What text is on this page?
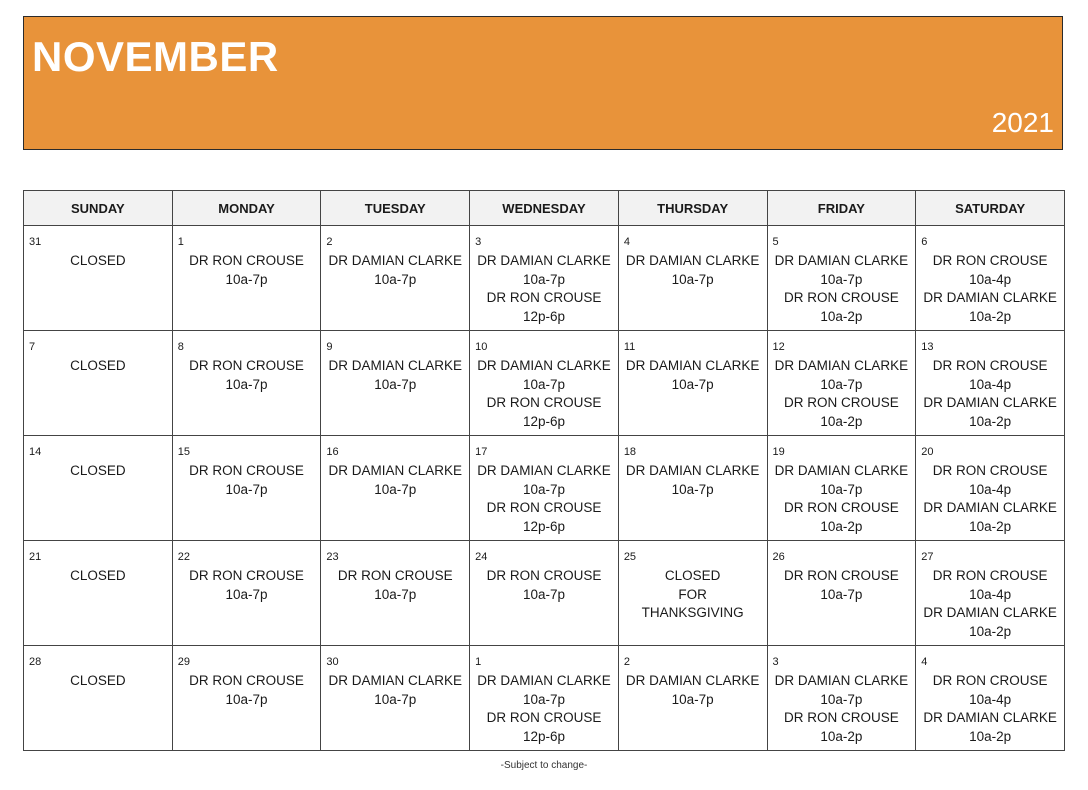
NOVEMBER
2021
SUNDAY	MONDAY	TUESDAY	WEDNESDAY	THURSDAY	FRIDAY	SATURDAY

31
CLOSED	1
DR RON CROUSE
10a-7p	2
DR DAMIAN CLARKE
10a-7p	3
DR DAMIAN CLARKE
10a-7p
DR RON CROUSE
12p-6p	4
DR DAMIAN CLARKE
10a-7p	5
DR DAMIAN CLARKE
10a-7p
DR RON CROUSE
10a-2p	6
DR RON CROUSE
10a-4p
DR DAMIAN CLARKE
10a-2p

7
CLOSED	8
DR RON CROUSE
10a-7p	9
DR DAMIAN CLARKE
10a-7p	10
DR DAMIAN CLARKE
10a-7p
DR RON CROUSE
12p-6p	11
DR DAMIAN CLARKE
10a-7p	12
DR DAMIAN CLARKE
10a-7p
DR RON CROUSE
10a-2p	13
DR RON CROUSE
10a-4p
DR DAMIAN CLARKE
10a-2p

14
CLOSED	15
DR RON CROUSE
10a-7p	16
DR DAMIAN CLARKE
10a-7p	17
DR DAMIAN CLARKE
10a-7p
DR RON CROUSE
12p-6p	18
DR DAMIAN CLARKE
10a-7p	19
DR DAMIAN CLARKE
10a-7p
DR RON CROUSE
10a-2p	20
DR RON CROUSE
10a-4p
DR DAMIAN CLARKE
10a-2p

21
CLOSED	22
DR RON CROUSE
10a-7p	23
DR RON CROUSE
10a-7p	24
DR RON CROUSE
10a-7p	25
CLOSED
FOR
THANKSGIVING	26
DR RON CROUSE
10a-7p	27
DR RON CROUSE
10a-4p
DR DAMIAN CLARKE
10a-2p

28
CLOSED	29
DR RON CROUSE
10a-7p	30
DR DAMIAN CLARKE
10a-7p	1
DR DAMIAN CLARKE
10a-7p
DR RON CROUSE
12p-6p	2
DR DAMIAN CLARKE
10a-7p	3
DR DAMIAN CLARKE
10a-7p
DR RON CROUSE
10a-2p	4
DR RON CROUSE
10a-4p
DR DAMIAN CLARKE
10a-2p
-Subject to change-
